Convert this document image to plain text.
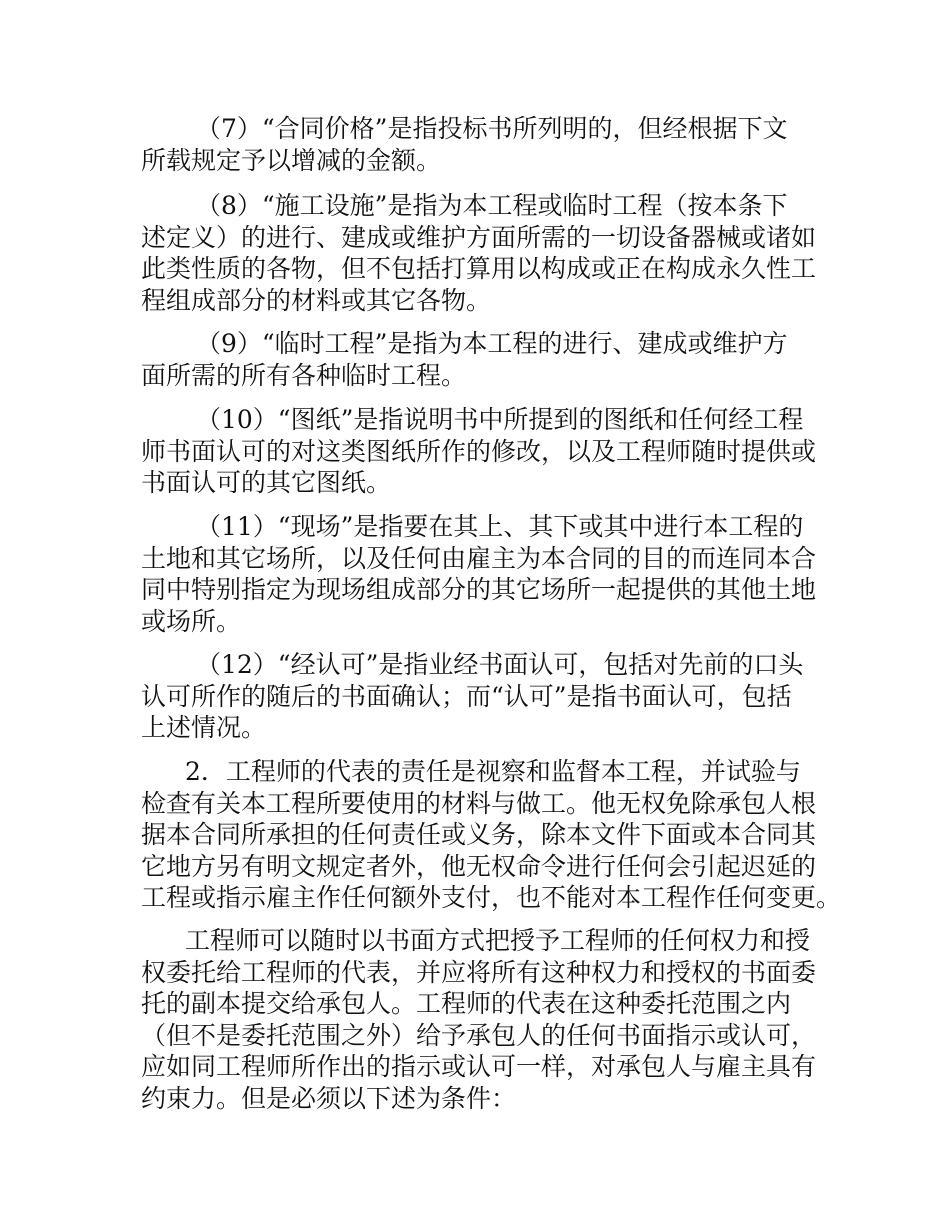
（7）“合同价格”是指投标书所列明的，但经根据下文
所载规定予以增减的金额。
（8）“施工设施”是指为本工程或临时工程（按本条下
述定义）的进行、建成或维护方面所需的一切设备器械或诸如
此类性质的各物，但不包括打算用以构成或正在构成永久性工
程组成部分的材料或其它各物。
（9）“临时工程”是指为本工程的进行、建成或维护方
面所需的所有各种临时工程。
（10）“图纸”是指说明书中所提到的图纸和任何经工程
师书面认可的对这类图纸所作的修改，以及工程师随时提供或
书面认可的其它图纸。
（11）“现场”是指要在其上、其下或其中进行本工程的
土地和其它场所，以及任何由雇主为本合同的目的而连同本合
同中特别指定为现场组成部分的其它场所一起提供的其他土地
或场所。
（12）“经认可”是指业经书面认可，包括对先前的口头
认可所作的随后的书面确认；而“认可”是指书面认可，包括
上述情况。
2．工程师的代表的责任是视察和监督本工程，并试验与
检查有关本工程所要使用的材料与做工。他无权免除承包人根
据本合同所承担的任何责任或义务，除本文件下面或本合同其
它地方另有明文规定者外，他无权命令进行任何会引起迟延的
工程或指示雇主作任何额外支付，也不能对本工程作任何变更。
工程师可以随时以书面方式把授予工程师的任何权力和授
权委托给工程师的代表，并应将所有这种权力和授权的书面委
托的副本提交给承包人。工程师的代表在这种委托范围之内
（但不是委托范围之外）给予承包人的任何书面指示或认可，
应如同工程师所作出的指示或认可一样，对承包人与雇主具有
约束力。但是必须以下述为条件：
